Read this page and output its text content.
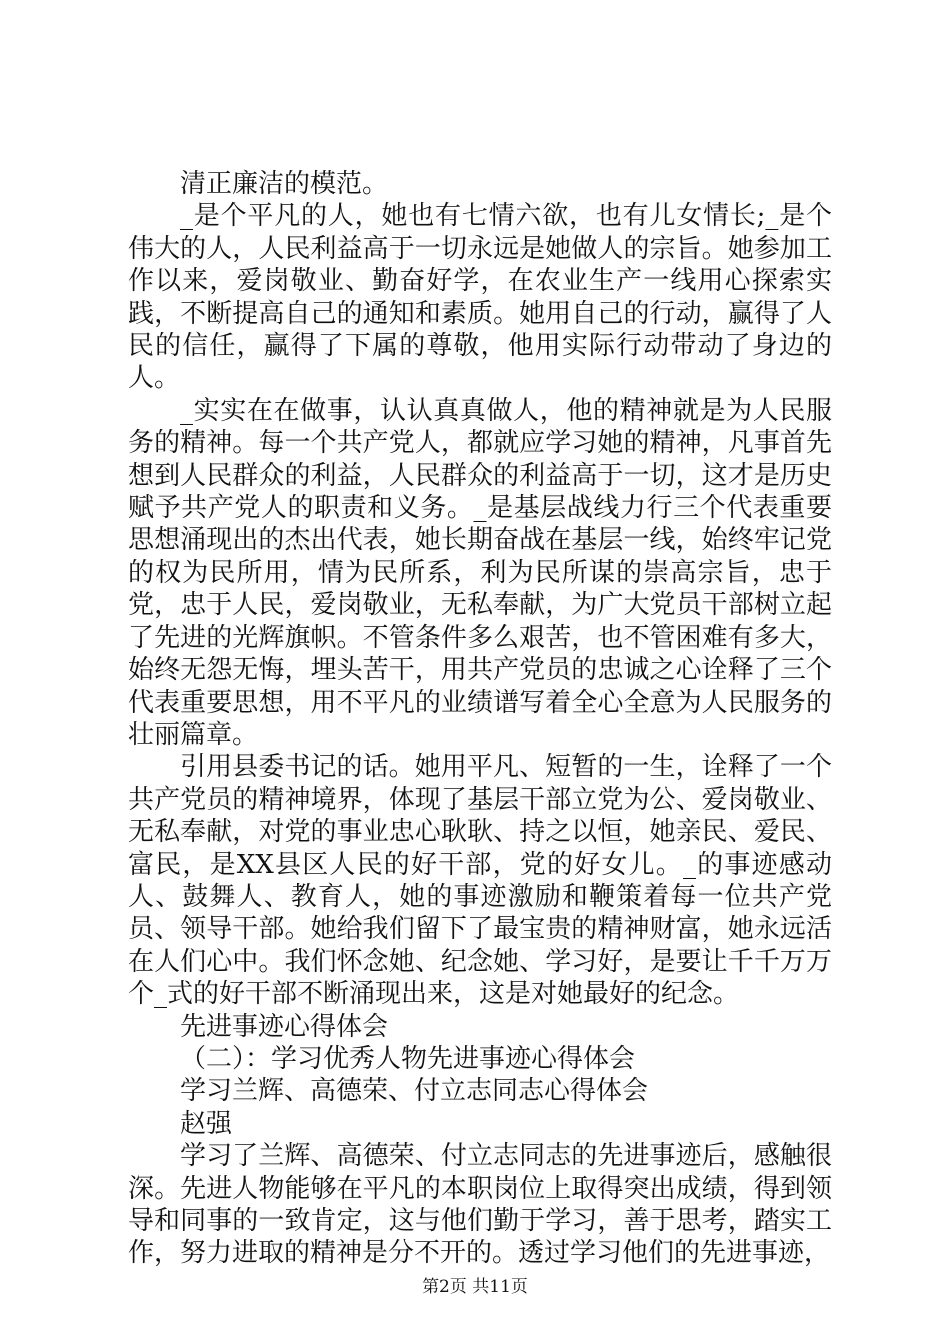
清正廉洁的模范。

_是个平凡的人，她也有七情六欲，也有儿女情长;_是个伟大的人，人民利益高于一切永远是她做人的宗旨。她参加工作以来，爱岗敬业、勤奋好学，在农业生产一线用心探索实践，不断提高自己的通知和素质。她用自己的行动，赢得了人民的信任，赢得了下属的尊敬，他用实际行动带动了身边的人。

_实实在在做事，认认真真做人，他的精神就是为人民服务的精神。每一个共产党人，都就应学习她的精神，凡事首先想到人民群众的利益，人民群众的利益高于一切，这才是历史赋予共产党人的职责和义务。_是基层战线力行三个代表重要思想涌现出的杰出代表，她长期奋战在基层一线，始终牢记党的权为民所用，情为民所系，利为民所谋的崇高宗旨，忠于党，忠于人民，爱岗敬业，无私奉献，为广大党员干部树立起了先进的光辉旗帜。不管条件多么艰苦，也不管困难有多大，始终无怨无悔，埋头苦干，用共产党员的忠诚之心诠释了三个代表重要思想，用不平凡的业绩谱写着全心全意为人民服务的壮丽篇章。

引用县委书记的话。她用平凡、短暂的一生，诠释了一个共产党员的精神境界，体现了基层干部立党为公、爱岗敬业、无私奉献，对党的事业忠心耿耿、持之以恒，她亲民、爱民、富民，是XX县区人民的好干部，党的好女儿。_的事迹感动人、鼓舞人、教育人，她的事迹激励和鞭策着每一位共产党员、领导干部。她给我们留下了最宝贵的精神财富，她永远活在人们心中。我们怀念她、纪念她、学习好，是要让千千万万个_式的好干部不断涌现出来，这是对她最好的纪念。

先进事迹心得体会

（二）：学习优秀人物先进事迹心得体会

学习兰辉、高德荣、付立志同志心得体会

赵强

学习了兰辉、高德荣、付立志同志的先进事迹后，感触很深。先进人物能够在平凡的本职岗位上取得突出成绩，得到领导和同事的一致肯定，这与他们勤于学习，善于思考，踏实工作，努力进取的精神是分不开的。透过学习他们的先进事迹，

第2页 共11页
